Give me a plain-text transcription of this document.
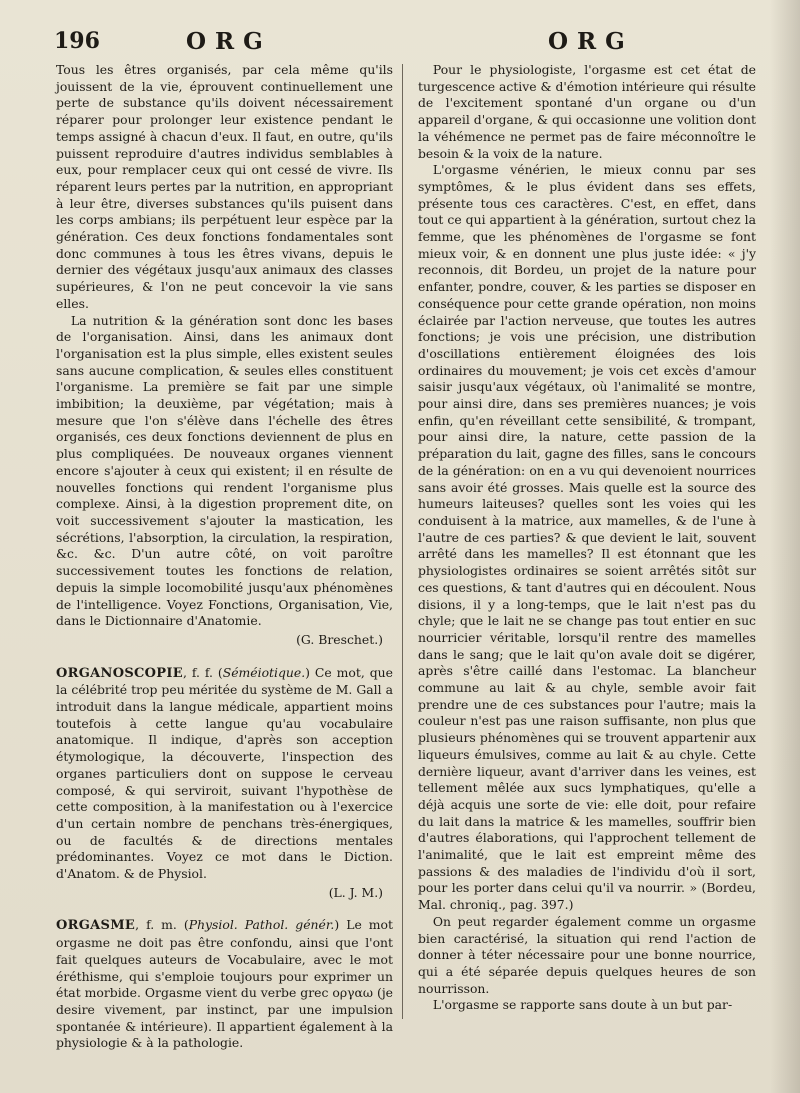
196	ORG	ORG

Tous les êtres organisés, par cela même qu'ils jouissent de la vie, éprouvent continuellement une perte de substance qu'ils doivent nécessairement réparer pour prolonger leur existence pendant le temps assigné à chacun d'eux. Il faut, en outre, qu'ils puissent reproduire d'autres individus semblables à eux, pour remplacer ceux qui ont cessé de vivre. Ils réparent leurs pertes par la nutrition, en appropriant à leur être, diverses substances qu'ils puisent dans les corps ambians; ils perpétuent leur espèce par la génération. Ces deux fonctions fondamentales sont donc communes à tous les êtres vivans, depuis le dernier des végétaux jusqu'aux animaux des classes supérieures, & l'on ne peut concevoir la vie sans elles.

La nutrition & la génération sont donc les bases de l'organisation. Ainsi, dans les animaux dont l'organisation est la plus simple, elles existent seules sans aucune complication, & seules elles constituent l'organisme. La première se fait par une simple imbibition; la deuxième, par végétation; mais à mesure que l'on s'élève dans l'échelle des êtres organisés, ces deux fonctions deviennent de plus en plus compliquées. De nouveaux organes viennent encore s'ajouter à ceux qui existent; il en résulte de nouvelles fonctions qui rendent l'organisme plus complexe. Ainsi, à la digestion proprement dite, on voit successivement s'ajouter la mastication, les sécrétions, l'absorption, la circulation, la respiration, &c. &c. D'un autre côté, on voit paroître successivement toutes les fonctions de relation, depuis la simple locomobilité jusqu'aux phénomènes de l'intelligence. Voyez Fonctions, Organisation, Vie, dans le Dictionnaire d'Anatomie.

(G. Breschet.)

ORGANOSCOPIE, f. f. (Séméiotique.) Ce mot, que la célébrité trop peu méritée du système de M. Gall a introduit dans la langue médicale, appartient moins toutefois à cette langue qu'au vocabulaire anatomique. Il indique, d'après son acception étymologique, la découverte, l'inspection des organes particuliers dont on suppose le cerveau composé, & qui serviroit, suivant l'hypothèse de cette composition, à la manifestation ou à l'exercice d'un certain nombre de penchans très-énergiques, ou de facultés & de directions mentales prédominantes. Voyez ce mot dans le Diction. d'Anatom. & de Physiol.

(L. J. M.)

ORGASME, f. m. (Physiol. Pathol. génér.) Le mot orgasme ne doit pas être confondu, ainsi que l'ont fait quelques auteurs de Vocabulaire, avec le mot éréthisme, qui s'emploie toujours pour exprimer un état morbide. Orgasme vient du verbe grec οργαω (je desire vivement, par instinct, par une impulsion spontanée & intérieure). Il appartient également à la physiologie & à la pathologie.

Pour le physiologiste, l'orgasme est cet état de turgescence active & d'émotion intérieure qui résulte de l'excitement spontané d'un organe ou d'un appareil d'organe, & qui occasionne une volition dont la véhémence ne permet pas de faire méconnoître le besoin & la voix de la nature.

L'orgasme vénérien, le mieux connu par ses symptômes, & le plus évident dans ses effets, présente tous ces caractères. C'est, en effet, dans tout ce qui appartient à la génération, surtout chez la femme, que les phénomènes de l'orgasme se font mieux voir, & en donnent une plus juste idée: « j'y reconnois, dit Bordeu, un projet de la nature pour enfanter, pondre, couver, & les parties se disposer en conséquence pour cette grande opération, non moins éclairée par l'action nerveuse, que toutes les autres fonctions; je vois une précision, une distribution d'oscillations entièrement éloignées des lois ordinaires du mouvement; je vois cet excès d'amour saisir jusqu'aux végétaux, où l'animalité se montre, pour ainsi dire, dans ses premières nuances; je vois enfin, qu'en réveillant cette sensibilité, & trompant, pour ainsi dire, la nature, cette passion de la préparation du lait, gagne des filles, sans le concours de la génération: on en a vu qui devenoient nourrices sans avoir été grosses. Mais quelle est la source des humeurs laiteuses? quelles sont les voies qui les conduisent à la matrice, aux mamelles, & de l'une à l'autre de ces parties? & que devient le lait, souvent arrêté dans les mamelles? Il est étonnant que les physiologistes ordinaires se soient arrêtés sitôt sur ces questions, & tant d'autres qui en découlent. Nous disions, il y a long-temps, que le lait n'est pas du chyle; que le lait ne se change pas tout entier en suc nourricier véritable, lorsqu'il rentre des mamelles dans le sang; que le lait qu'on avale doit se digérer, après s'être caillé dans l'estomac. La blancheur commune au lait & au chyle, semble avoir fait prendre une de ces substances pour l'autre; mais la couleur n'est pas une raison suffisante, non plus que plusieurs phénomènes qui se trouvent appartenir aux liqueurs émulsives, comme au lait & au chyle. Cette dernière liqueur, avant d'arriver dans les veines, est tellement mêlée aux sucs lymphatiques, qu'elle a déjà acquis une sorte de vie: elle doit, pour refaire du lait dans la matrice & les mamelles, souffrir bien d'autres élaborations, qui l'approchent tellement de l'animalité, que le lait est empreint même des passions & des maladies de l'individu d'où il sort, pour les porter dans celui qu'il va nourrir. » (Bordeu, Mal. chroniq., pag. 397.)

On peut regarder également comme un orgasme bien caractérisé, la situation qui rend l'action de donner à téter nécessaire pour une bonne nourrice, qui a été séparée depuis quelques heures de son nourrisson.

L'orgasme se rapporte sans doute à un but par-
